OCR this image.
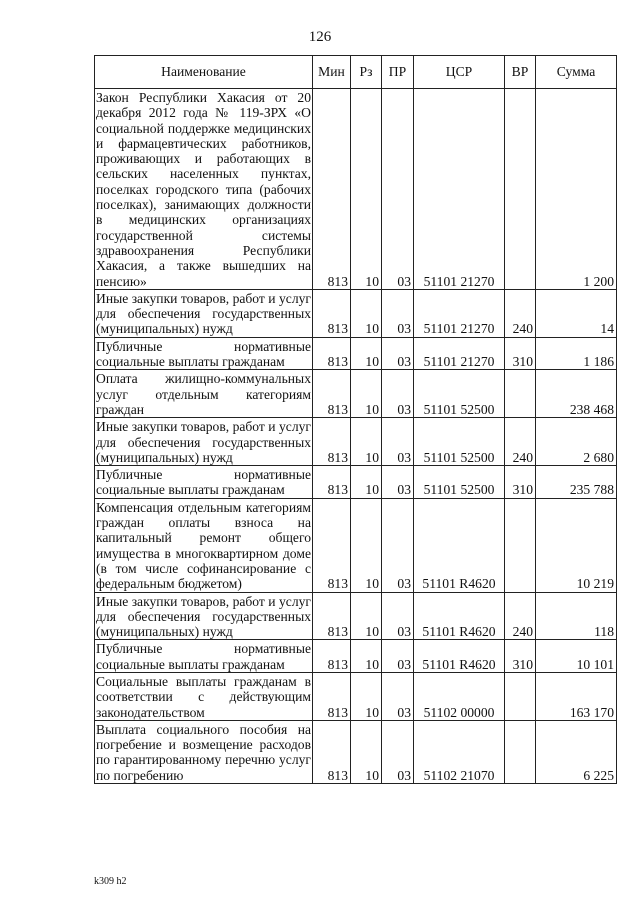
126
Наименование	Мин	Рз	ПР	ЦСР	ВР	Сумма
Закон Республики Хакасия от 20 декабря 2012 года № 119-ЗРХ «О социальной поддержке медицинских и фармацевтических работников, проживающих и работающих в сельских населенных пунктах, поселках городского типа (рабочих поселках), занимающих должности в медицинских организациях государственной системы здравоохранения Республики Хакасия, а также вышедших на пенсию»	813	10	03	51101 21270		1 200
Иные закупки товаров, работ и услуг для обеспечения государственных (муниципальных) нужд	813	10	03	51101 21270	240	14
Публичные нормативные социальные выплаты гражданам	813	10	03	51101 21270	310	1 186
Оплата жилищно-коммунальных услуг отдельным категориям граждан	813	10	03	51101 52500		238 468
Иные закупки товаров, работ и услуг для обеспечения государственных (муниципальных) нужд	813	10	03	51101 52500	240	2 680
Публичные нормативные социальные выплаты гражданам	813	10	03	51101 52500	310	235 788
Компенсация отдельным категориям граждан оплаты взноса на капитальный ремонт общего имущества в многоквартирном доме (в том числе софинансирование с федеральным бюджетом)	813	10	03	51101 R4620		10 219
Иные закупки товаров, работ и услуг для обеспечения государственных (муниципальных) нужд	813	10	03	51101 R4620	240	118
Публичные нормативные социальные выплаты гражданам	813	10	03	51101 R4620	310	10 101
Социальные выплаты гражданам в соответствии с действующим законодательством	813	10	03	51102 00000		163 170
Выплата социального пособия на погребение и возмещение расходов по гарантированному перечню услуг по погребению	813	10	03	51102 21070		6 225
k309 h2
